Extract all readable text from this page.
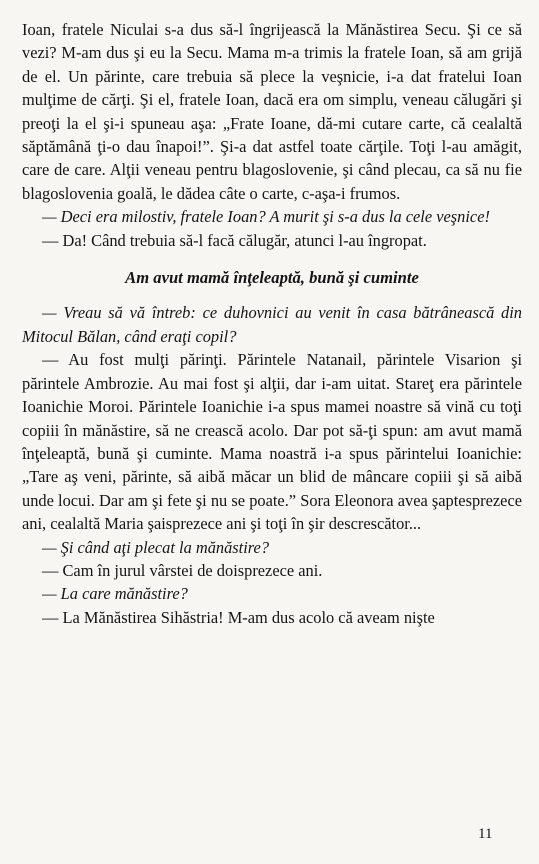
Ioan, fratele Niculai s-a dus să-l îngrijească la Mănăstirea Secu. Şi ce să vezi? M-am dus şi eu la Secu. Mama m-a trimis la fratele Ioan, să am grijă de el. Un părinte, care trebuia să plece la veşnicie, i-a dat fratelui Ioan mulţime de cărţi. Şi el, fratele Ioan, dacă era om simplu, veneau călugări şi preoţi la el şi-i spuneau aşa: „Frate Ioane, dă-mi cutare carte, că cealaltă săptămână ţi-o dau înapoi!”. Şi-a dat astfel toate cărţile. Toţi l-au amăgit, care de care. Alţii veneau pentru blagoslovenie, şi când plecau, ca să nu fie blagoslovenia goală, le dădea câte o carte, c-aşa-i frumos.

— Deci era milostiv, fratele Ioan? A murit şi s-a dus la cele veşnice!

— Da! Când trebuia să-l facă călugăr, atunci l-au îngropat.

Am avut mamă înţeleaptă, bună şi cuminte

— Vreau să vă întreb: ce duhovnici au venit în casa bătrânească din Mitocul Bălan, când eraţi copil?

— Au fost mulţi părinţi. Părintele Natanail, părintele Visarion şi părintele Ambrozie. Au mai fost şi alţii, dar i-am uitat. Stareţ era părintele Ioanichie Moroi. Părintele Ioanichie i-a spus mamei noastre să vină cu toţi copiii în mănăstire, să ne crească acolo. Dar pot să-ţi spun: am avut mamă înţeleaptă, bună şi cuminte. Mama noastră i-a spus părintelui Ioanichie: „Tare aş veni, părinte, să aibă măcar un blid de mâncare copiii şi să aibă unde locui. Dar am şi fete şi nu se poate.” Sora Eleonora avea şaptesprezece ani, cealaltă Maria şaisprezece ani şi toţi în şir descrescător...

— Şi când aţi plecat la mănăstire?

— Cam în jurul vârstei de doisprezece ani.

— La care mănăstire?

— La Mănăstirea Sihăstria! M-am dus acolo că aveam nişte

11
